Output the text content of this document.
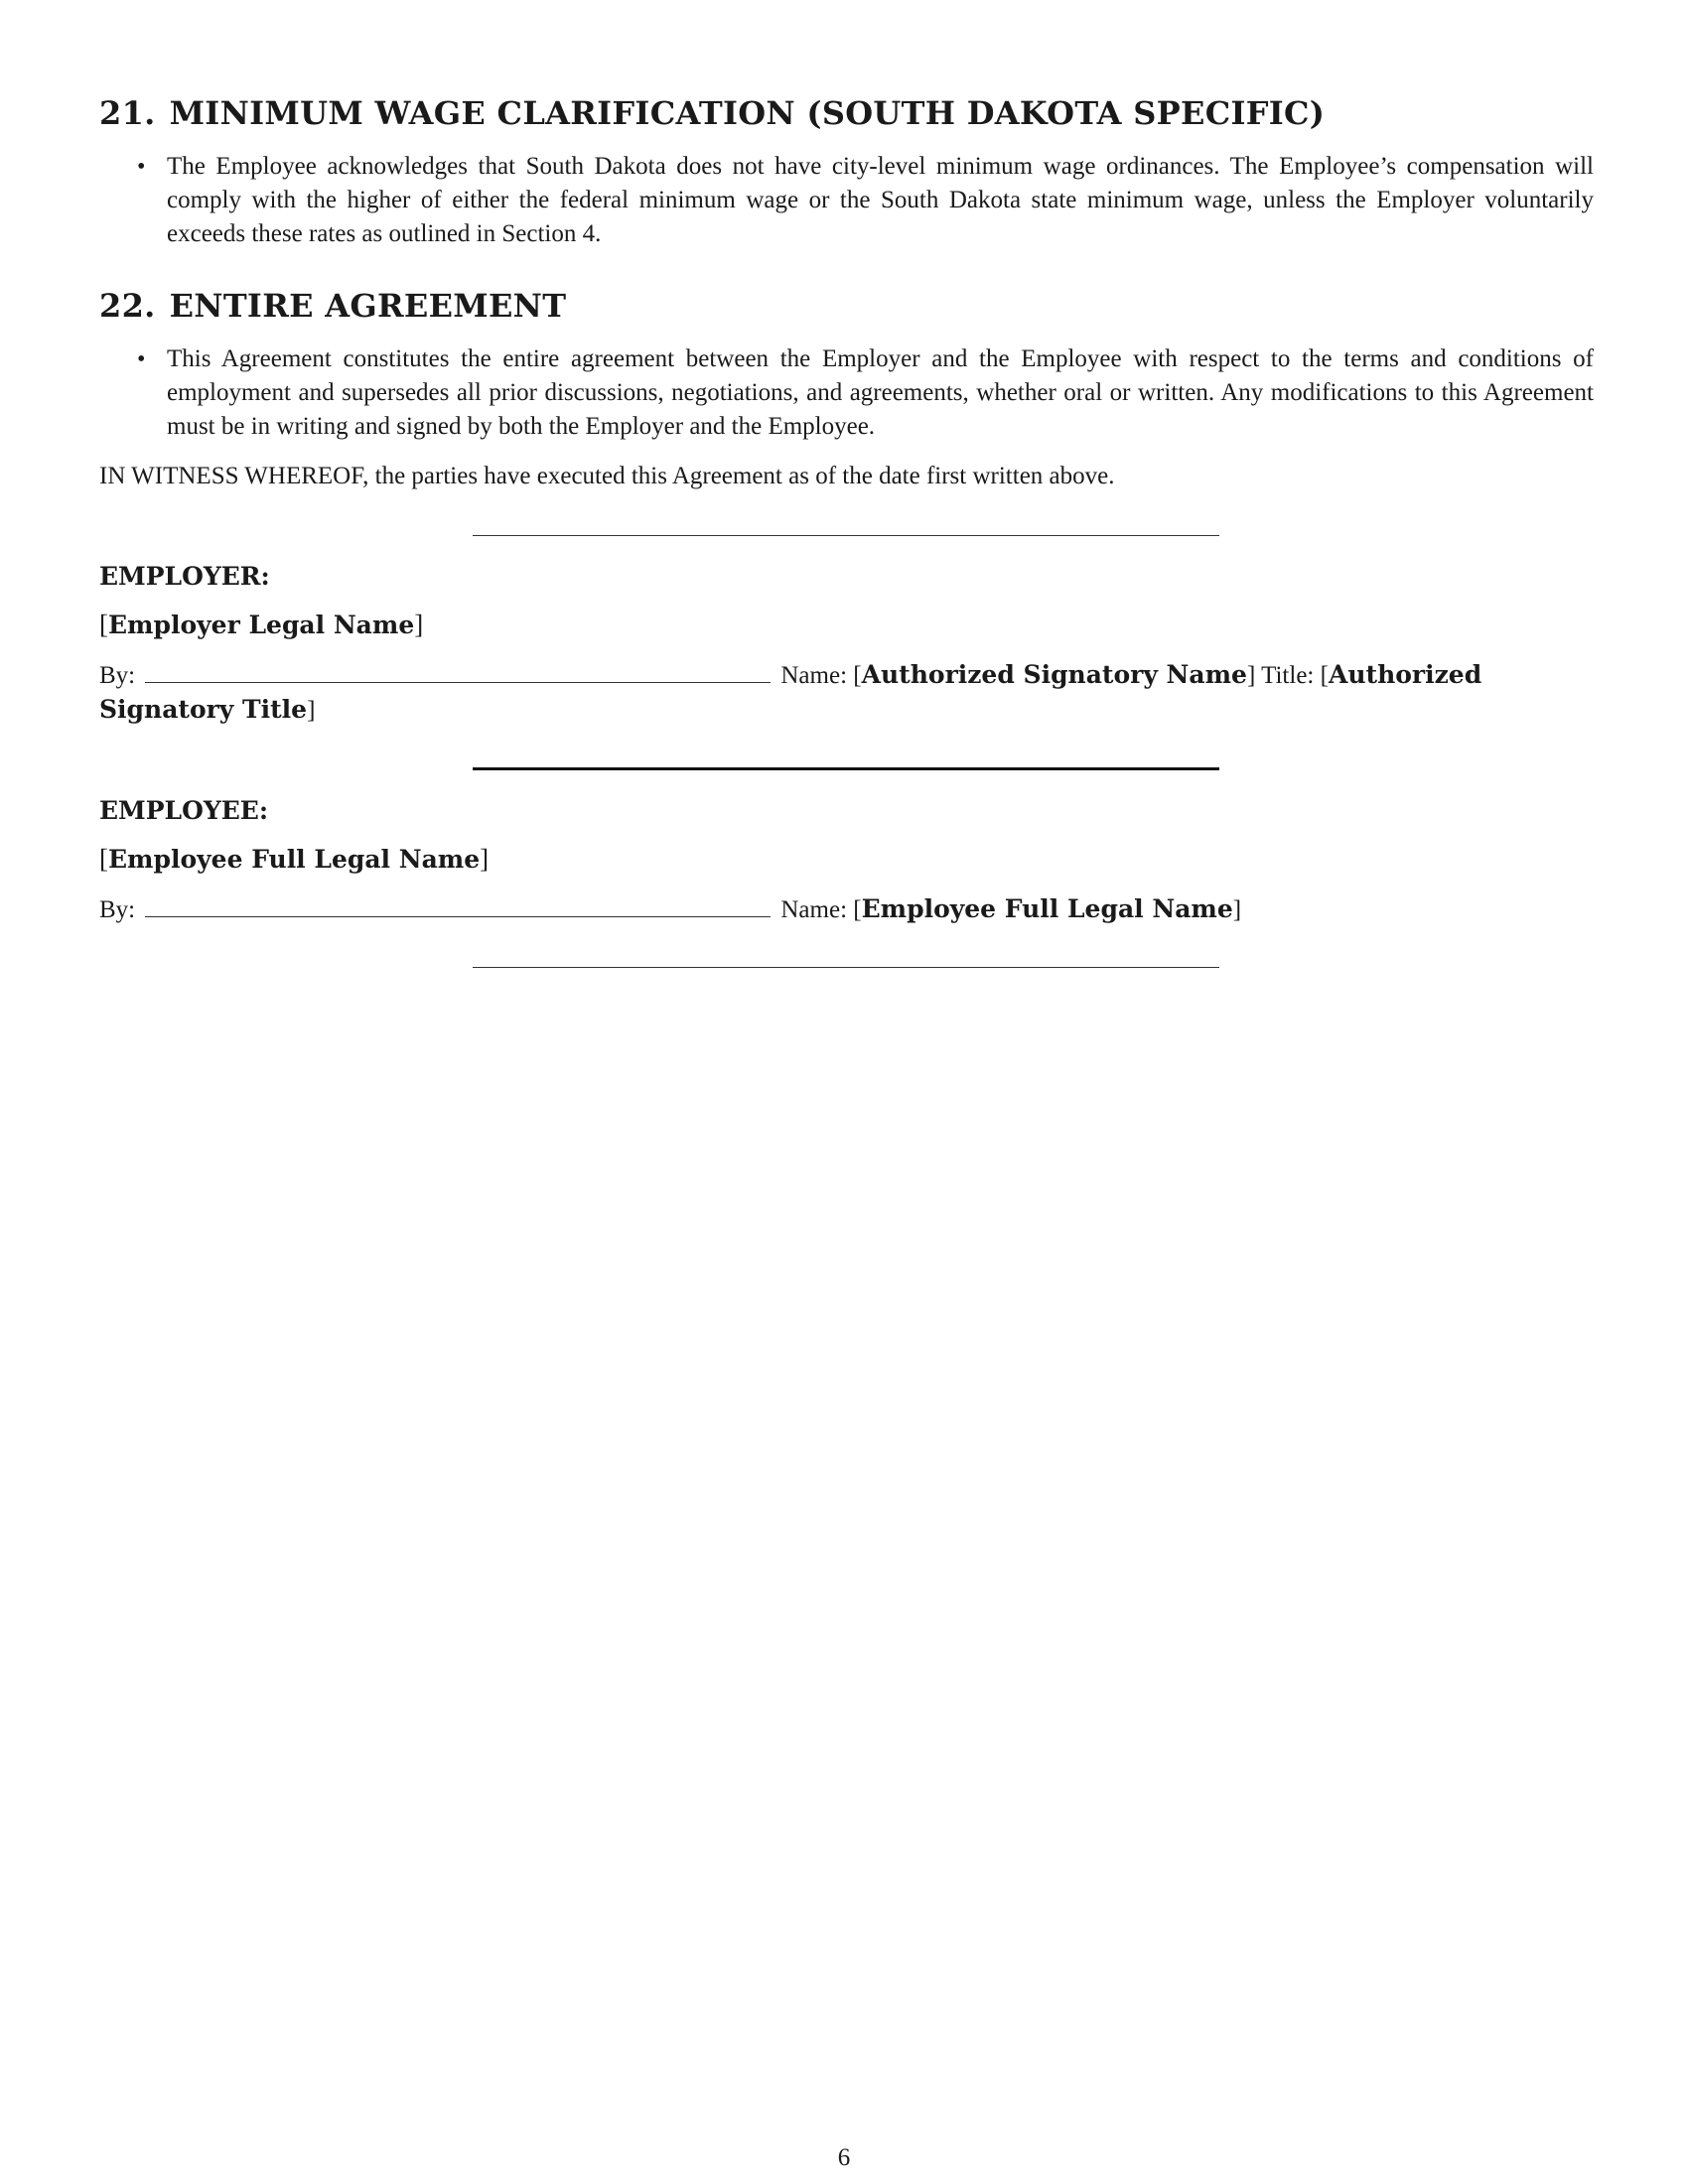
21. MINIMUM WAGE CLARIFICATION (SOUTH DAKOTA SPECIFIC)
• The Employee acknowledges that South Dakota does not have city-level minimum wage ordinances. The Employee’s compensation will comply with the higher of either the federal minimum wage or the South Dakota state minimum wage, unless the Employer voluntarily exceeds these rates as outlined in Section 4.
22. ENTIRE AGREEMENT
• This Agreement constitutes the entire agreement between the Employer and the Employee with respect to the terms and conditions of employment and supersedes all prior discussions, negotiations, and agreements, whether oral or written. Any modifications to this Agreement must be in writing and signed by both the Employer and the Employee.

IN WITNESS WHEREOF, the parties have executed this Agreement as of the date first written above.

EMPLOYER:

[Employer Legal Name]

By:	Name: [Authorized Signatory Name] Title: [Authorized Signatory Title]

EMPLOYEE:

[Employee Full Legal Name]

By:	Name: [Employee Full Legal Name]

6
